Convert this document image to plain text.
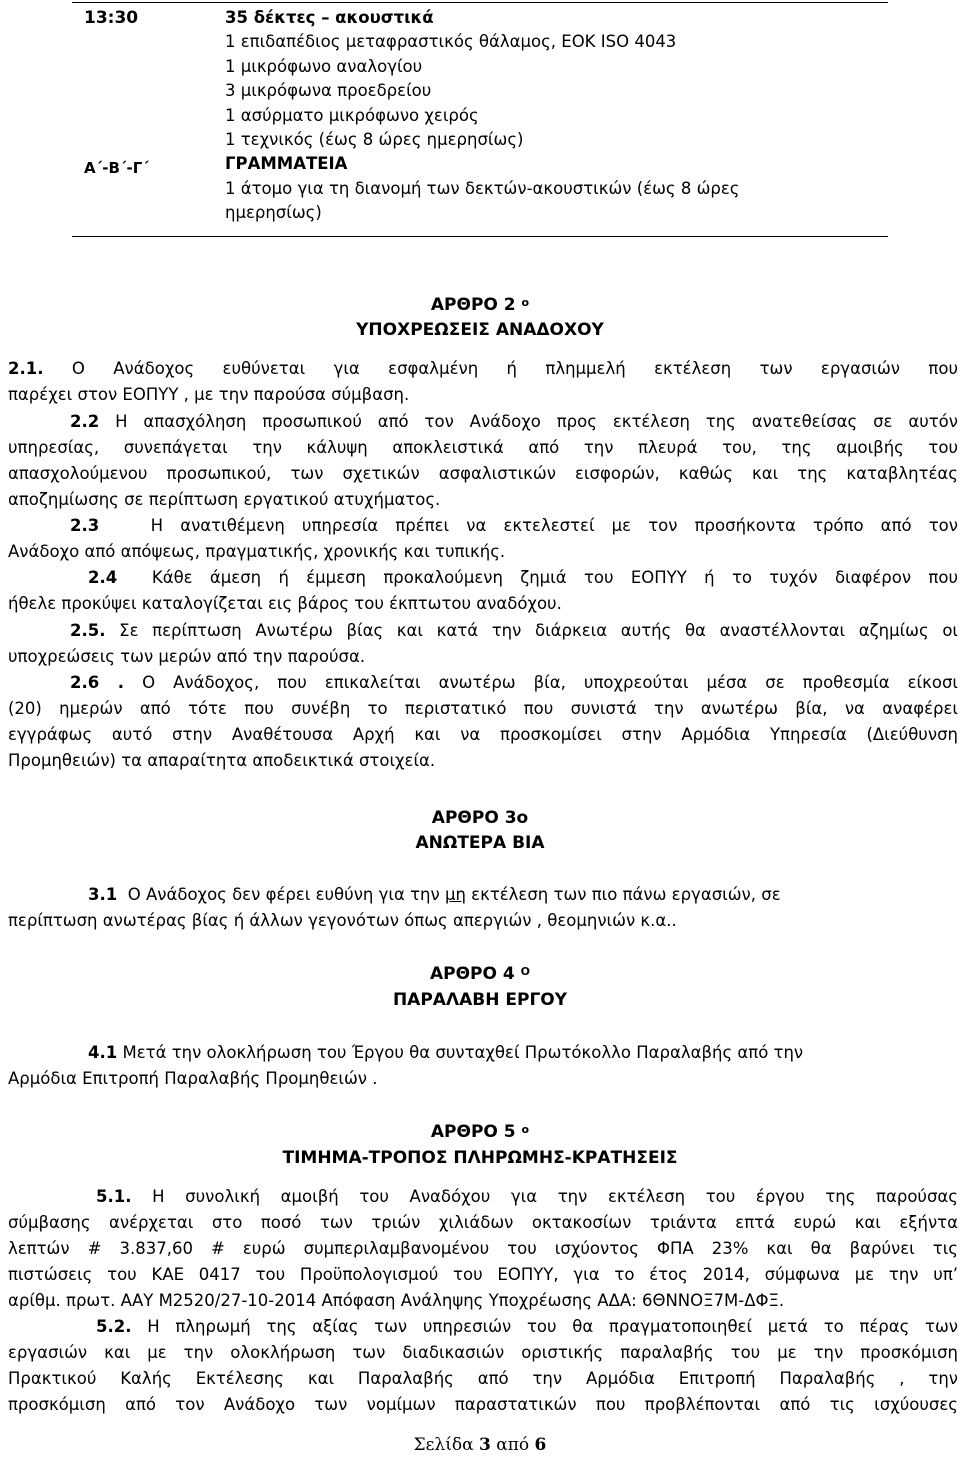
13:30
Α΄-Β΄-Γ΄
35 δέκτες – ακουστικά
1 επιδαπέδιος μεταφραστικός θάλαμος, ΕΟΚ ISO 4043
1 μικρόφωνο αναλογίου
3 μικρόφωνα προεδρείου
1 ασύρματο μικρόφωνο χειρός
1 τεχνικός (έως 8 ώρες ημερησίως)
ΓΡΑΜΜΑΤΕΙΑ
1 άτομο για τη διανομή των δεκτών-ακουστικών (έως 8 ώρες
ημερησίως)
ΑΡΘΡΟ 2 $^o$
ΥΠΟΧΡΕΩΣΕΙΣ ΑΝΑΔΟΧΟΥ
2.1. Ο Ανάδοχος ευθύνεται για εσφαλμένη ή πλημμελή εκτέλεση των εργασιών που
παρέχει στον ΕΟΠΥΥ , με την παρούσα σύμβαση.
2.2 Η απασχόληση προσωπικού από τον Ανάδοχο προς εκτέλεση της ανατεθείσας σε αυτόν
υπηρεσίας, συνεπάγεται την κάλυψη αποκλειστικά από την πλευρά του, της αμοιβής του
απασχολούμενου προσωπικού, των σχετικών ασφαλιστικών εισφορών, καθώς και της καταβλητέας
αποζημίωσης σε περίπτωση εργατικού ατυχήματος.
2.3	Η ανατιθέμενη υπηρεσία πρέπει να εκτελεστεί με τον προσήκοντα τρόπο από τον
Ανάδοχο από απόψεως, πραγματικής, χρονικής και τυπικής.
2.4 Κάθε άμεση ή έμμεση προκαλούμενη ζημιά του ΕΟΠΥΥ ή το τυχόν διαφέρον που
ήθελε προκύψει καταλογίζεται εις βάρος του έκπτωτου αναδόχου.
2.5. Σε περίπτωση Ανωτέρω βίας και κατά την διάρκεια αυτής θα αναστέλλονται αζημίως οι
υποχρεώσεις των μερών από την παρούσα.
2.6 . Ο Ανάδοχος, που επικαλείται ανωτέρω βία, υποχρεούται μέσα σε προθεσμία είκοσι
(20) ημερών από τότε που συνέβη το περιστατικό που συνιστά την ανωτέρω βία, να αναφέρει
εγγράφως αυτό στην Αναθέτουσα Αρχή και να προσκομίσει στην Αρμόδια Υπηρεσία (Διεύθυνση
Προμηθειών) τα απαραίτητα αποδεικτικά στοιχεία.
ΑΡΘΡΟ 3ο
ΑΝΩΤΕΡΑ ΒΙΑ
3.1 Ο Ανάδοχος δεν φέρει ευθύνη για την μη εκτέλεση των πιο πάνω εργασιών, σε
περίπτωση ανωτέρας βίας ή άλλων γεγονότων όπως απεργιών , θεομηνιών κ.α..
ΑΡΘΡΟ 4 $^O$
ΠΑΡΑΛΑΒΗ ΕΡΓΟΥ
4.1 Μετά την ολοκλήρωση του Έργου θα συνταχθεί Πρωτόκολλο Παραλαβής από την
Αρμόδια Επιτροπή Παραλαβής Προμηθειών .
ΑΡΘΡΟ 5 $^o$
ΤΙΜΗΜΑ-ΤΡΟΠΟΣ ΠΛΗΡΩΜΗΣ-ΚΡΑΤΗΣΕΙΣ
5.1. Η συνολική αμοιβή του Αναδόχου για την εκτέλεση του έργου της παρούσας
σύμβασης ανέρχεται στο ποσό των τριών χιλιάδων οκτακοσίων τριάντα επτά ευρώ και εξήντα
λεπτών # 3.837,60 # ευρώ συμπεριλαμβανομένου του ισχύοντος ΦΠΑ 23% και θα βαρύνει τις
πιστώσεις του ΚΑΕ 0417 του Προϋπολογισμού του ΕΟΠΥΥ, για το έτος 2014, σύμφωνα με την υπ’
αρίθμ. πρωτ. ΑΑΥ Μ2520/27-10-2014 Απόφαση Ανάληψης Υποχρέωσης ΑΔΑ: 6ΘΝΝΟΞ7Μ-ΔΦΞ.
5.2. Η πληρωμή της αξίας των υπηρεσιών του θα πραγματοποιηθεί μετά το πέρας των
εργασιών και με την ολοκλήρωση των διαδικασιών οριστικής παραλαβής του με την προσκόμιση
Πρακτικού Καλής Εκτέλεσης και Παραλαβής από την Αρμόδια Επιτροπή Παραλαβής , την
προσκόμιση από τον Ανάδοχο των νομίμων παραστατικών που προβλέπονται από τις ισχύουσες
Σελίδα 3 από 6
